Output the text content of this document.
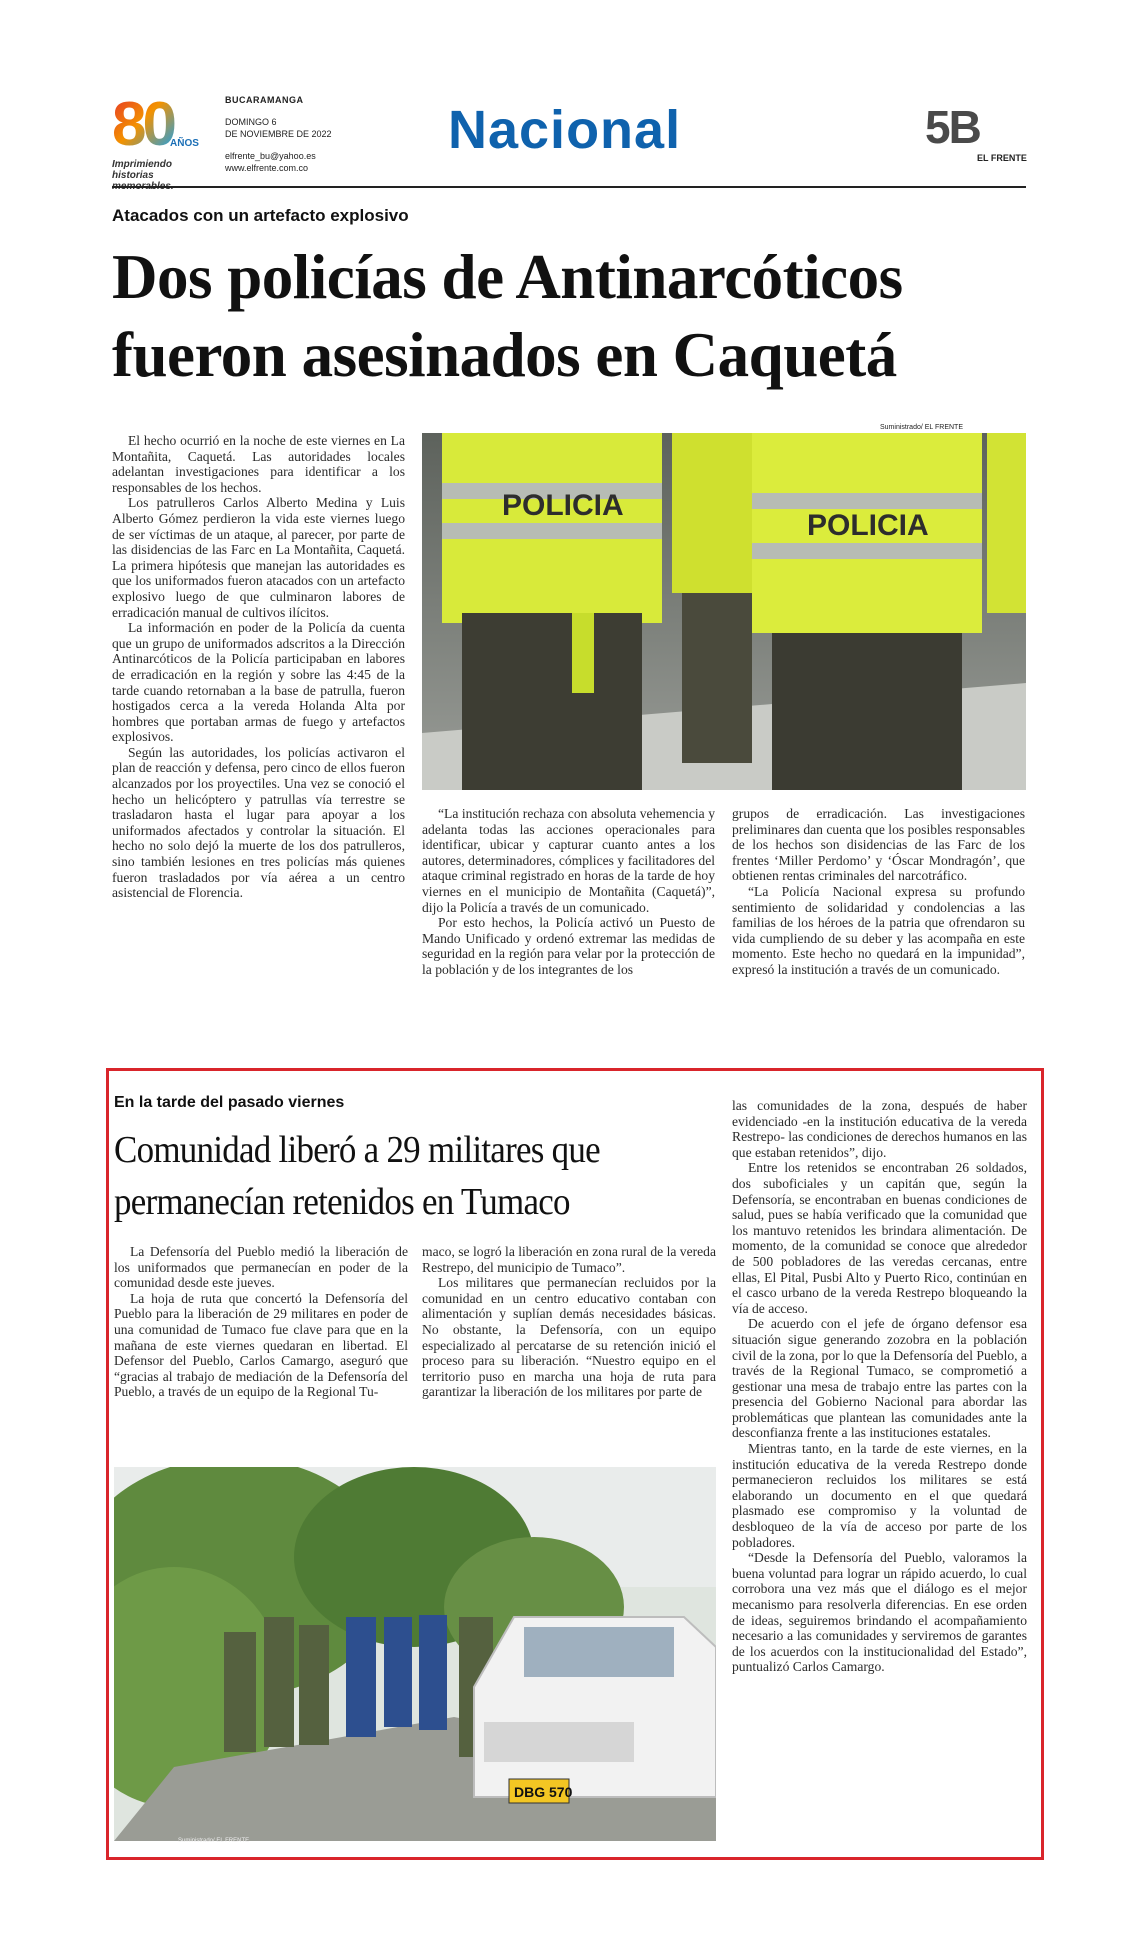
80
AÑOS
Imprimiendo historias
BUCARAMANGA
DOMINGO 6
DE NOVIEMBRE DE 2022
elfrente_bu@yahoo.es
www.elfrente.com.co
Nacional	5B
EL FRENTE
Atacados con un artefacto explosivo
Dos policías de Antinarcóticos
fueron asesinados en Caquetá

El hecho ocurrió en la noche de este viernes en La Montañita, Caquetá. Las autoridades locales adelantan investigaciones para identificar a los responsables de los hechos.

Los patrulleros Carlos Alberto Medina y Luis Alberto Gómez perdieron la vida este viernes luego de ser víctimas de un ataque, al parecer, por parte de las disidencias de las Farc en La Montañita, Caquetá. La primera hipótesis que manejan las autoridades es que los uniformados fueron atacados con un artefacto explosivo luego de que culminaron labores de erradicación manual de cultivos ilícitos.

La información en poder de la Policía da cuenta que un grupo de uniformados adscritos a la Dirección Antinarcóticos de la Policía participaban en labores de erradicación en la región y sobre las 4:45 de la tarde cuando retornaban a la base de patrulla, fueron hostigados cerca a la vereda Holanda Alta por hombres que portaban armas de fuego y artefactos explosivos.

Según las autoridades, los policías activaron el plan de reacción y defensa, pero cinco de ellos fueron alcanzados por los proyectiles. Una vez se conoció el hecho un helicóptero y patrullas vía terrestre se trasladaron hasta el lugar para apoyar a los uniformados afectados y controlar la situación. El hecho no solo dejó la muerte de los dos patrulleros, sino también lesiones en tres policías más quienes fueron trasladados por vía aérea a un centro asistencial de Florencia.

Suministrado/ EL FRENTE
POLICIA
POLICIA

“La institución rechaza con absoluta vehemencia y adelanta todas las acciones operacionales para identificar, ubicar y capturar cuanto antes a los autores, determinadores, cómplices y facilitadores del ataque criminal registrado en horas de la tarde de hoy viernes en el municipio de Montañita (Caquetá)”, dijo la Policía a través de un comunicado.

Por esto hechos, la Policía activó un Puesto de Mando Unificado y ordenó extremar las medidas de seguridad en la región para velar por la protección de la población y de los integrantes de los

grupos de erradicación. Las investigaciones preliminares dan cuenta que los posibles responsables de los hechos son disidencias de las Farc de los frentes ‘Miller Perdomo’ y ‘Óscar Mondragón’, que obtienen rentas criminales del narcotráfico.

“La Policía Nacional expresa su profundo sentimiento de solidaridad y condolencias a las familias de los héroes de la patria que ofrendaron su vida cumpliendo de su deber y las acompaña en este momento. Este hecho no quedará en la impunidad”, expresó la institución a través de un comunicado.

En la tarde del pasado viernes
Comunidad liberó a 29 militares que
permanecían retenidos en Tumaco

La Defensoría del Pueblo medió la liberación de los uniformados que permanecían en poder de la comunidad desde este jueves.

La hoja de ruta que concertó la Defensoría del Pueblo para la liberación de 29 militares en poder de una comunidad de Tumaco fue clave para que en la mañana de este viernes quedaran en libertad. El Defensor del Pueblo, Carlos Camargo, aseguró que “gracias al trabajo de mediación de la Defensoría del Pueblo, a través de un equipo de la Regional Tu-

maco, se logró la liberación en zona rural de la vereda Restrepo, del municipio de Tumaco”.

Los militares que permanecían recluidos por la comunidad en un centro educativo contaban con alimentación y suplían demás necesidades básicas. No obstante, la Defensoría, con un equipo especializado al percatarse de su retención inició el proceso para su liberación. “Nuestro equipo en el territorio puso en marcha una hoja de ruta para garantizar la liberación de los militares por parte de

las comunidades de la zona, después de haber evidenciado -en la institución educativa de la vereda Restrepo- las condiciones de derechos humanos en las que estaban retenidos”, dijo.

Entre los retenidos se encontraban 26 soldados, dos suboficiales y un capitán que, según la Defensoría, se encontraban en buenas condiciones de salud, pues se había verificado que la comunidad que los mantuvo retenidos les brindara alimentación. De momento, de la comunidad se conoce que alrededor de 500 pobladores de las veredas cercanas, entre ellas, El Pital, Pusbi Alto y Puerto Rico, continúan en el casco urbano de la vereda Restrepo bloqueando la vía de acceso.

De acuerdo con el jefe de órgano defensor esa situación sigue generando zozobra en la población civil de la zona, por lo que la Defensoría del Pueblo, a través de la Regional Tumaco, se comprometió a gestionar una mesa de trabajo entre las partes con la presencia del Gobierno Nacional para abordar las problemáticas que plantean las comunidades ante la desconfianza frente a las instituciones estatales.

Mientras tanto, en la tarde de este viernes, en la institución educativa de la vereda Restrepo donde permanecieron recluidos los militares se está elaborando un documento en el que quedará plasmado ese compromiso y la voluntad de desbloqueo de la vía de acceso por parte de los pobladores.

“Desde la Defensoría del Pueblo, valoramos la buena voluntad para lograr un rápido acuerdo, lo cual corrobora una vez más que el diálogo es el mejor mecanismo para resolverla diferencias. En ese orden de ideas, seguiremos brindando el acompañamiento necesario a las comunidades y serviremos de garantes de los acuerdos con la institucionalidad del Estado”, puntualizó Carlos Camargo.

DBG 570
Suministrado/ EL FRENTE
